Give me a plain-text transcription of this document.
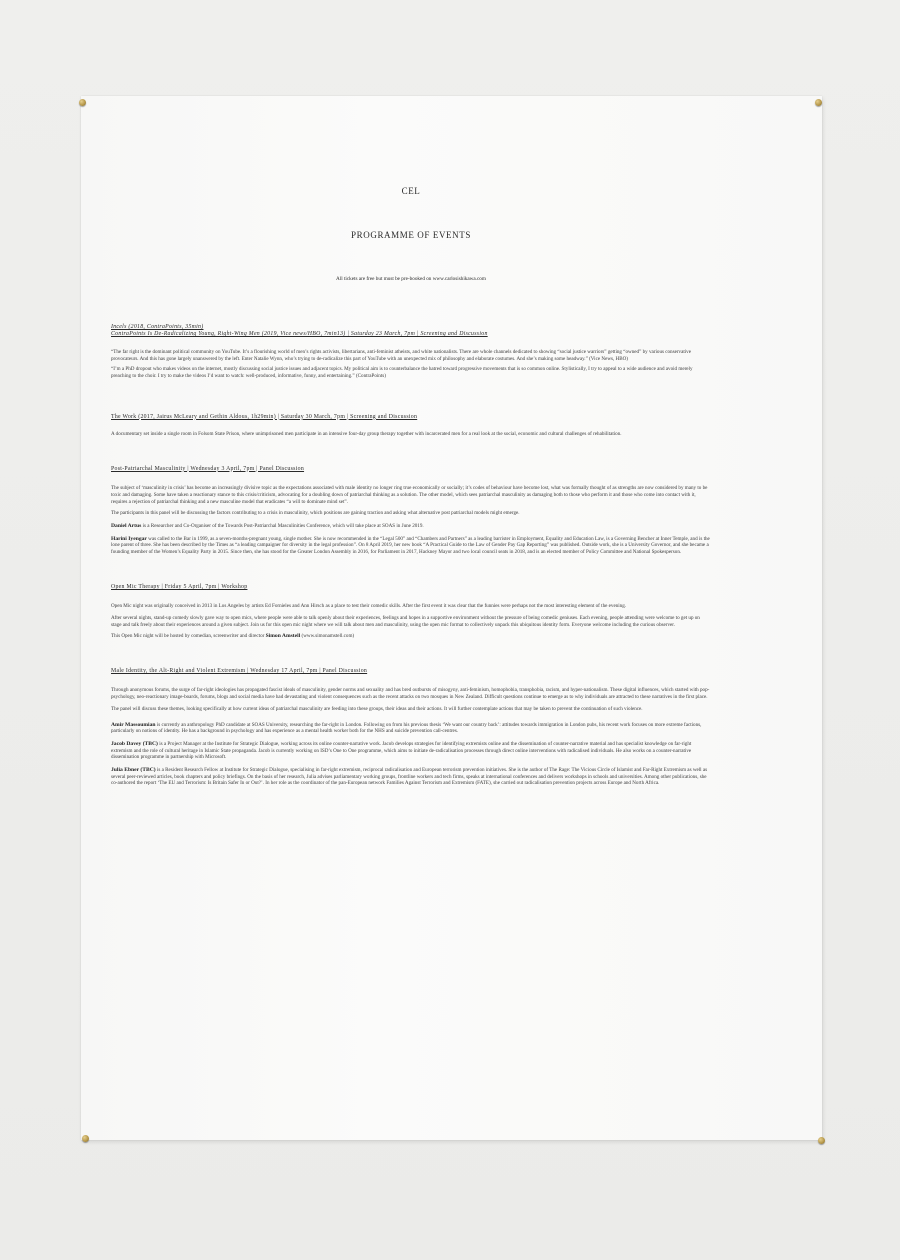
CEL
PROGRAMME OF EVENTS
All tickets are free but must be pre-booked on www.carlosishikawa.com
Incels (2018, ContraPoints, 35min)
ContraPoints Is De-Radicalizing Young, Right-Wing Men (2019, Vice news/HBO, 7min13) | Saturday 23 March, 7pm | Screening and Discussion

“The far right is the dominant political community on YouTube. It’s a flourishing world of men’s rights activists, libertarians, anti-feminist atheists, and white nationalists. There are whole channels dedicated to showing “social justice warriors” getting “owned” by various conservative provocateurs. And this has gone largely unanswered by the left. Enter Natalie Wynn, who’s trying to de-radicalize this part of YouTube with an unexpected mix of philosophy and elaborate costumes. And she’s making some headway.” (Vice News, HBO)

“I’m a PhD dropout who makes videos on the internet, mostly discussing social justice issues and adjacent topics. My political aim is to counterbalance the hatred toward progressive movements that is so common online. Stylistically, I try to appeal to a wide audience and avoid merely preaching to the choir. I try to make the videos I’d want to watch: well-produced, informative, funny, and entertaining.” (ContraPoints)

The Work (2017, Jairus McLeary and Gethin Aldous, 1h29min) | Saturday 30 March, 7pm | Screening and Discussion

A documentary set inside a single room in Folsom State Prison, where unimprisoned men participate in an intensive four-day group therapy together with incarcerated men for a real look at the social, economic and cultural challenges of rehabilitation.

Post-Patriarchal Masculinity | Wednesday 3 April, 7pm | Panel Discussion

The subject of ‘masculinity in crisis’ has become an increasingly divisive topic as the expectations associated with male identity no longer ring true economically or socially; it’s codes of behaviour have become lost, what was formally thought of as strengths are now considered by many to be toxic and damaging. Some have taken a reactionary stance to this crisis/criticism, advocating for a doubling down of patriarchal thinking as a solution. The other model, which sees patriarchal masculinity as damaging both to those who perform it and those who come into contact with it, requires a rejection of patriarchal thinking and a new masculine model that eradicates “a will to dominate mind set”.

The participants in this panel will be discussing the factors contributing to a crisis in masculinity, which positions are gaining traction and asking what alternative post patriarchal models might emerge.

Daniel Artus is a Researcher and Co-Organiser of the Towards Post-Patriarchal Masculinities Conference, which will take place at SOAS in June 2019.

Harini Iyengar was called to the Bar in 1999, as a seven-months-pregnant young, single mother. She is now recommended in the “Legal 500” and “Chambers and Partners” as a leading barrister in Employment, Equality and Education Law, is a Governing Bencher at Inner Temple, and is the lone parent of three. She has been described by the Times as “a leading campaigner for diversity in the legal profession”. On 8 April 2019, her new book “A Practical Guide to the Law of Gender Pay Gap Reporting” was published. Outside work, she is a University Governor, and she became a founding member of the Women’s Equality Party in 2015. Since then, she has stood for the Greater London Assembly in 2016, for Parliament in 2017, Hackney Mayor and two local council seats in 2018, and is an elected member of Policy Committee and National Spokesperson.

Open Mic Therapy | Friday 5 April, 7pm | Workshop

Open Mic night was originally conceived in 2013 in Los Angeles by artists Ed Fornieles and Ann Hirsch as a place to test their comedic skills. After the first event it was clear that the funnies were perhaps not the most interesting element of the evening.

After several nights, stand-up comedy slowly gave way to open mics, where people were able to talk openly about their experiences, feelings and hopes in a supportive environment without the pressure of being comedic geniuses. Each evening, people attending were welcome to get up on stage and talk freely about their experiences around a given subject. Join us for this open mic night where we will talk about men and masculinity, using the open mic format to collectively unpack this ubiquitous identity form. Everyone welcome including the curious observer.

This Open Mic night will be hosted by comedian, screenwriter and director Simon Amstell (www.simonamstell.com)

Male Identity, the Alt-Right and Violent Extremism | Wednesday 17 April, 7pm | Panel Discussion

Through anonymous forums, the surge of far-right ideologies has propagated fascist ideals of masculinity, gender norms and sexuality and has bred outbursts of misogyny, anti-feminism, homophobia, transphobia, racism, and hyper-nationalism. These digital influences, which started with pop-psychology, neo-reactionary image-boards, forums, blogs and social media have had devastating and violent consequences such as the recent attacks on two mosques in New Zealand. Difficult questions continue to emerge as to why individuals are attracted to these narratives in the first place.

The panel will discuss these themes, looking specifically at how current ideas of patriarchal masculinity are feeding into these groups, their ideas and their actions. It will further contemplate actions that may be taken to prevent the continuation of such violence.

Amir Massoumian is currently an anthropology PhD candidate at SOAS University, researching the far-right in London. Following on from his previous thesis ‘We want our country back’: attitudes towards immigration in London pubs, his recent work focuses on more extreme factions, particularly on notions of identity. He has a background in psychology and has experience as a mental health worker both for the NHS and suicide prevention call-centres.

Jacob Davey (TBC) is a Project Manager at the Institute for Strategic Dialogue, working across its online counter-narrative work. Jacob develops strategies for identifying extremists online and the dissemination of counter-narrative material and has specialist knowledge on far-right extremism and the role of cultural heritage in Islamic State propaganda. Jacob is currently working on ISD’s One to One programme, which aims to initiate de-radicalisation processes through direct online interventions with radicalised individuals. He also works on a counter-narrative dissemination programme in partnership with Microsoft.

Julia Ebner (TBC) is a Resident Research Fellow at Institute for Strategic Dialogue, specialising in far-right extremism, reciprocal radicalisation and European terrorism prevention initiatives. She is the author of The Rage: The Vicious Circle of Islamist and Far-Right Extremism as well as several peer-reviewed articles, book chapters and policy briefings. On the basis of her research, Julia advises parliamentary working groups, frontline workers and tech firms, speaks at international conferences and delivers workshops in schools and universities. Among other publications, she co-authored the report ‘The EU and Terrorism: Is Britain Safer In or Out?’. In her role as the coordinator of the pan-European network Families Against Terrorism and Extremism (FATE), she carried out radicalisation prevention projects across Europe and North Africa.
